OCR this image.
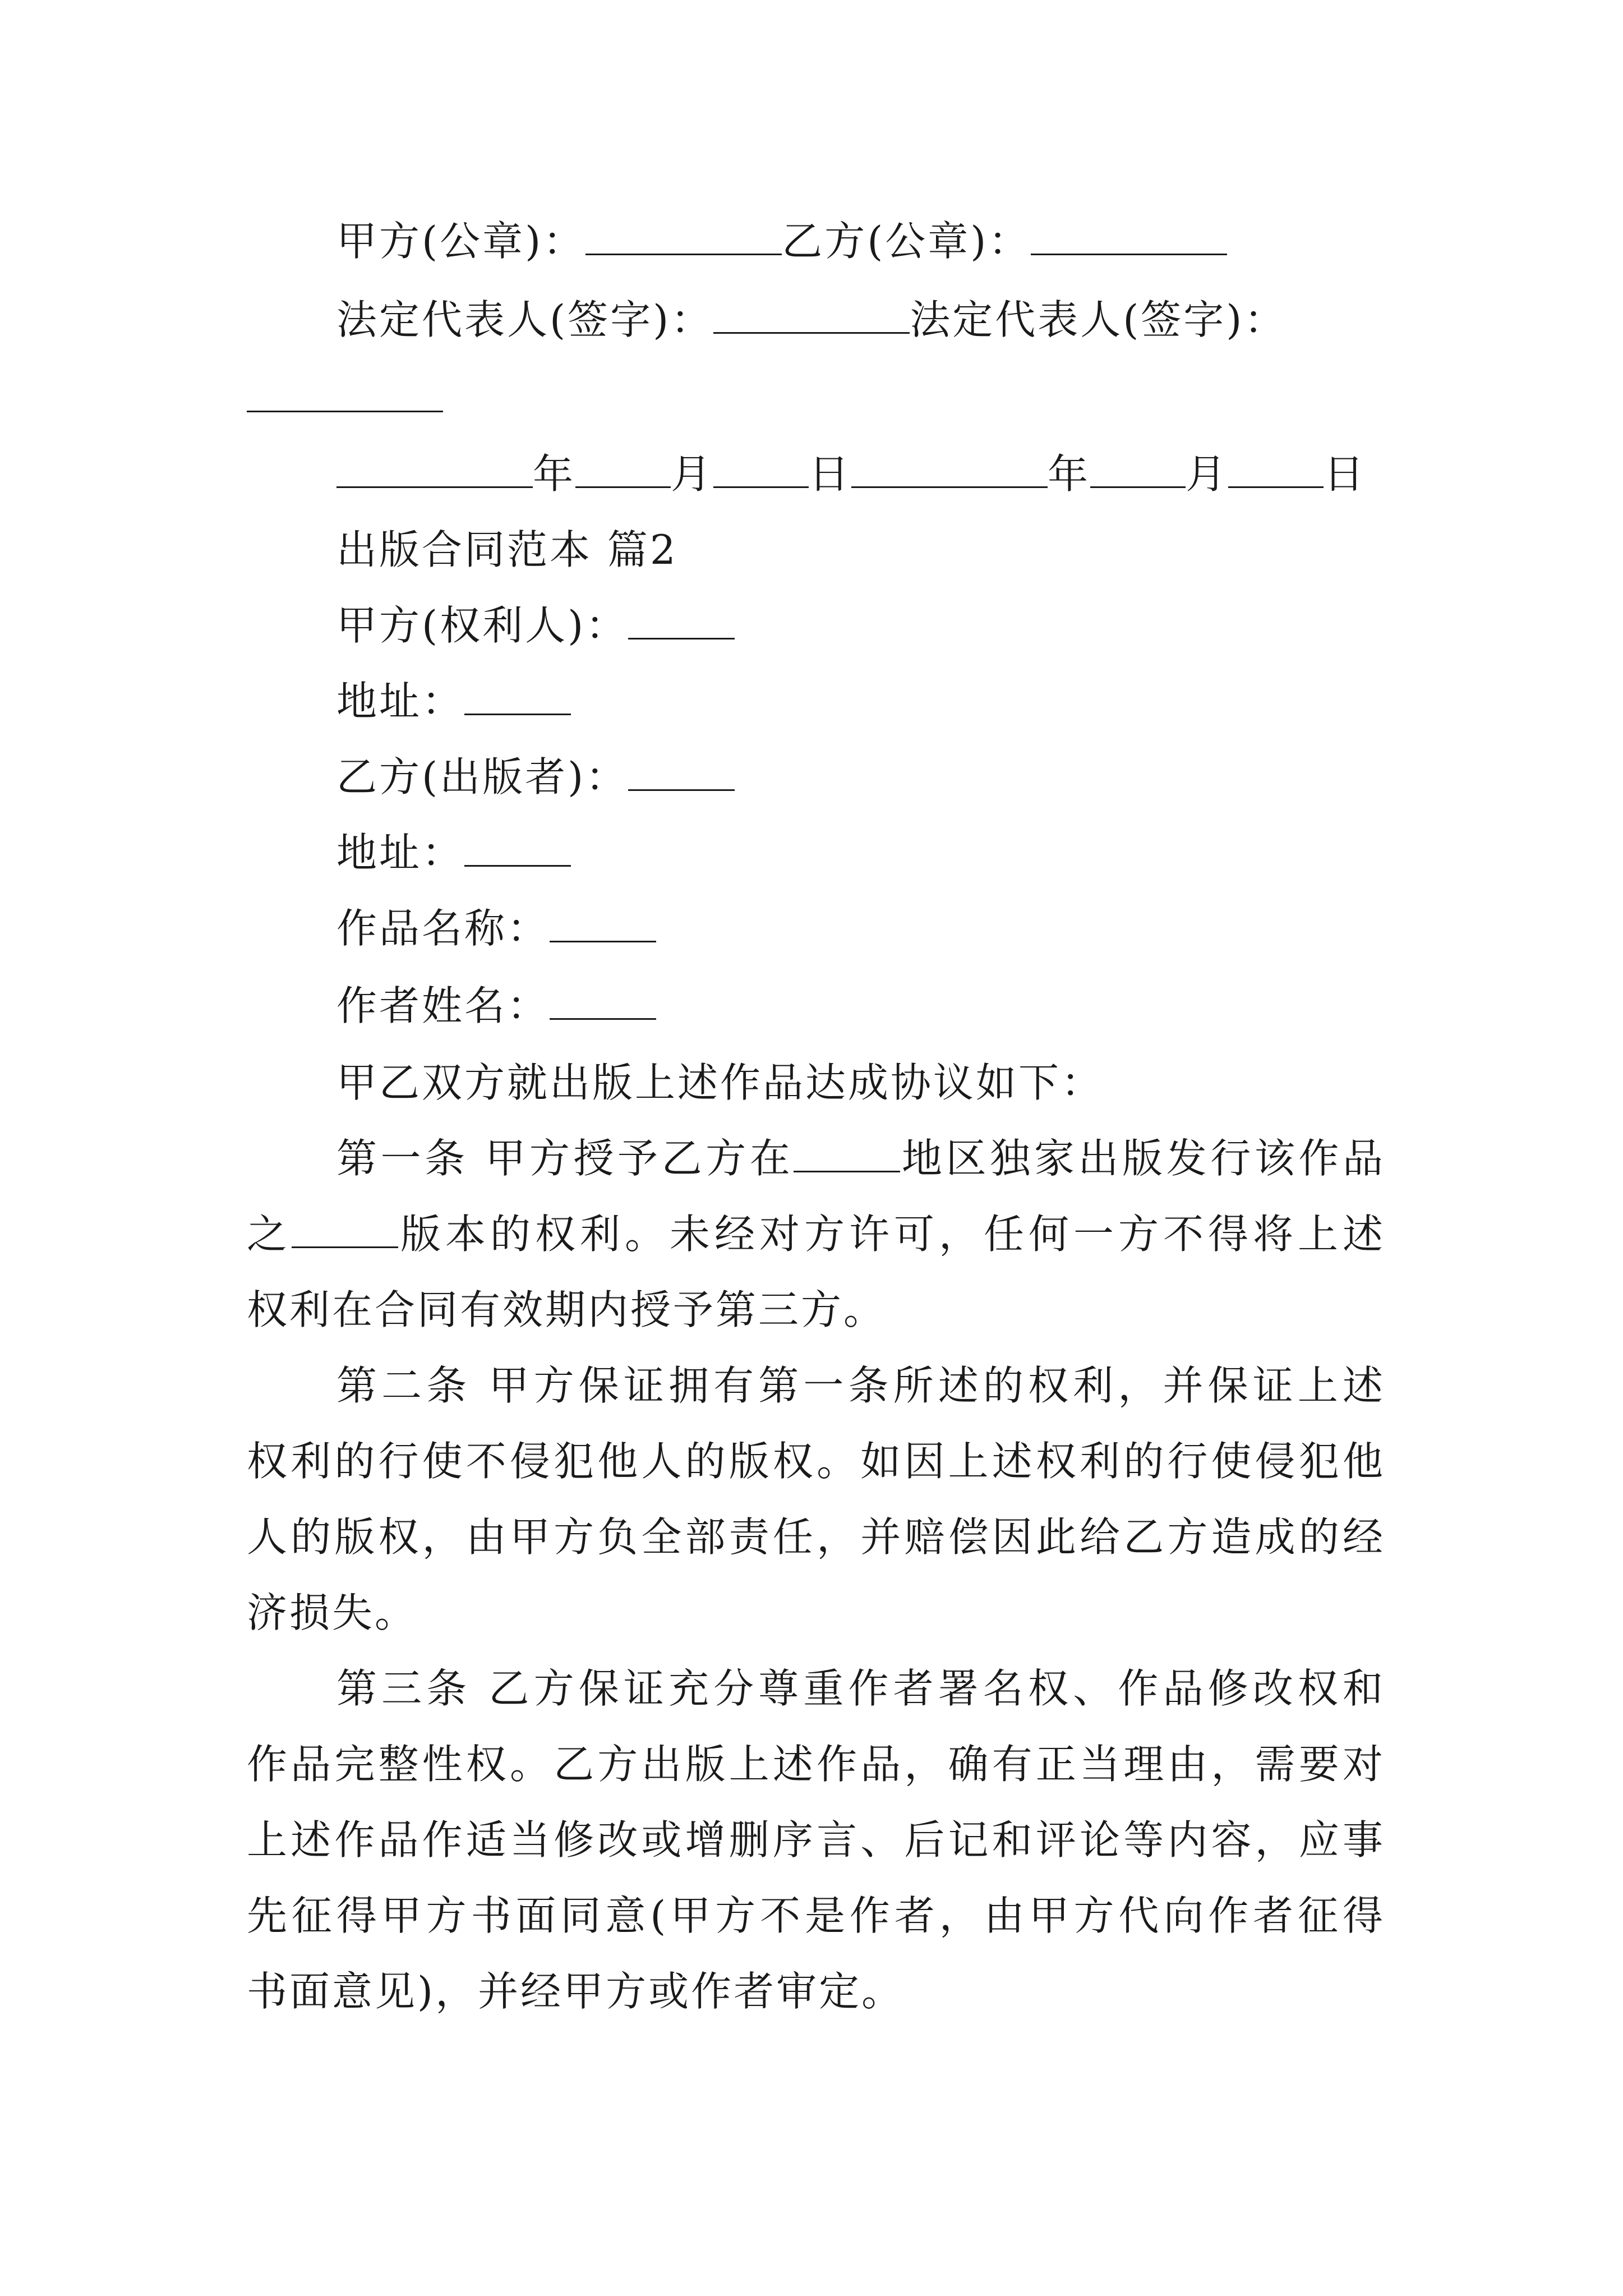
甲方(公章)：	乙方(公章)：
法定代表人(签字)：	法定代表人(签字)：
年 月 日	年 月 日
出版合同范本 篇2
甲方(权利人)：
地址：
乙方(出版者)：
地址：
作品名称：
作者姓名：
甲乙双方就出版上述作品达成协议如下：
第一条 甲方授予乙方在	地区独家出版发行该作品
之	版本的权利。未经对方许可，任何一方不得将上述
权利在合同有效期内授予第三方。
第二条 甲方保证拥有第一条所述的权利，并保证上述
权利的行使不侵犯他人的版权。如因上述权利的行使侵犯他
人的版权，由甲方负全部责任，并赔偿因此给乙方造成的经
济损失。
第三条 乙方保证充分尊重作者署名权、作品修改权和
作品完整性权。乙方出版上述作品，确有正当理由，需要对
上述作品作适当修改或增删序言、后记和评论等内容，应事
先征得甲方书面同意(甲方不是作者，由甲方代向作者征得
书面意见)，并经甲方或作者审定。
